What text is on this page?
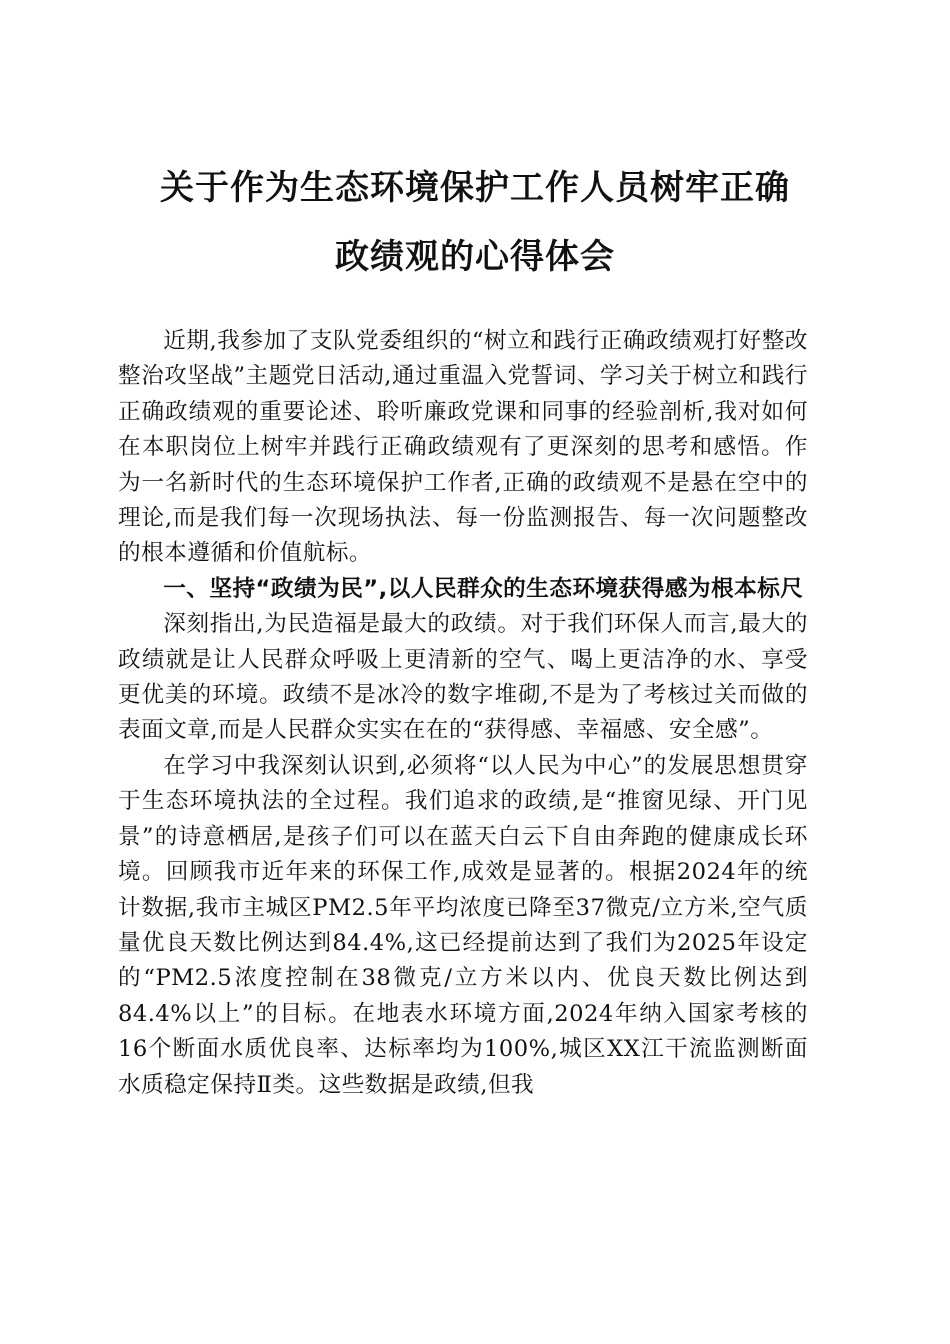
关于作为生态环境保护工作人员树牢正确
政绩观的心得体会

近期,我参加了支队党委组织的“树立和践行正确政绩观打好整改整治攻坚战”主题党日活动,通过重温入党誓词、学习关于树立和践行正确政绩观的重要论述、聆听廉政党课和同事的经验剖析,我对如何在本职岗位上树牢并践行正确政绩观有了更深刻的思考和感悟。作为一名新时代的生态环境保护工作者,正确的政绩观不是悬在空中的理论,而是我们每一次现场执法、每一份监测报告、每一次问题整改的根本遵循和价值航标。

一、坚持“政绩为民”,以人民群众的生态环境获得感为根本标尺

深刻指出,为民造福是最大的政绩。对于我们环保人而言,最大的政绩就是让人民群众呼吸上更清新的空气、喝上更洁净的水、享受更优美的环境。政绩不是冰冷的数字堆砌,不是为了考核过关而做的表面文章,而是人民群众实实在在的“获得感、幸福感、安全感”。

在学习中我深刻认识到,必须将“以人民为中心”的发展思想贯穿于生态环境执法的全过程。我们追求的政绩,是“推窗见绿、开门见景”的诗意栖居,是孩子们可以在蓝天白云下自由奔跑的健康成长环境。回顾我市近年来的环保工作,成效是显著的。根据2024年的统计数据,我市主城区PM2.5年平均浓度已降至37微克/立方米,空气质量优良天数比例达到84.4%,这已经提前达到了我们为2025年设定的“PM2.5浓度控制在38微克/立方米以内、优良天数比例达到84.4%以上”的目标。在地表水环境方面,2024年纳入国家考核的16个断面水质优良率、达标率均为100%,城区XX江干流监测断面水质稳定保持Ⅱ类。这些数据是政绩,但我
